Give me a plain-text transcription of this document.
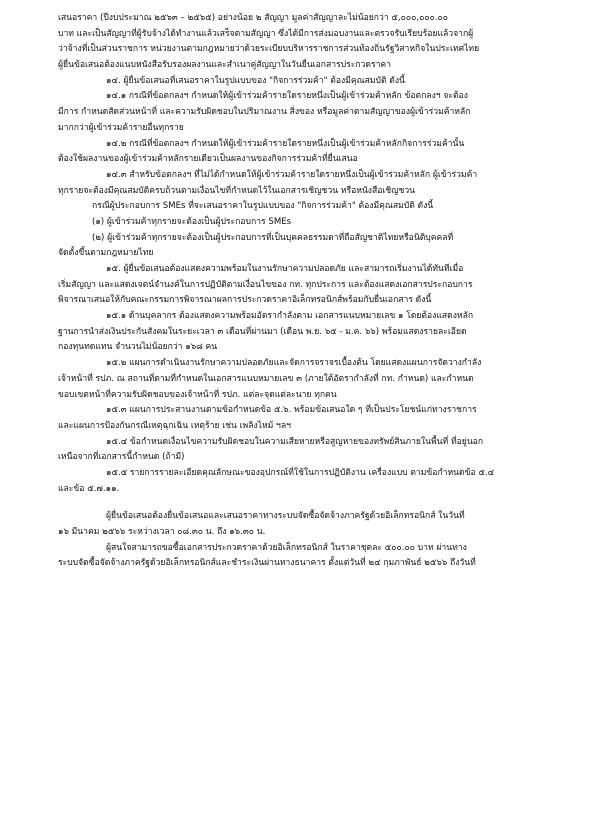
เสนอราคา (ปีงบประมาณ ๒๕๖๓ – ๒๕๖๕) อย่างน้อย ๒ สัญญา มูลค่าสัญญาละไม่น้อยกว่า ๕,๐๐๐,๐๐๐.๐๐
บาท และเป็นสัญญาที่ผู้รับจ้างได้ทำงานแล้วเสร็จตามสัญญา ซึ่งได้มีการส่งมอบงานและตรวจรับเรียบร้อยแล้วจากผู้
ว่าจ้างที่เป็นส่วนราชการ หน่วยงานตามกฎหมายว่าด้วยระเบียบบริหารราชการส่วนท้องถิ่นรัฐวิสาหกิจในประเทศไทย
ผู้ยื่นข้อเสนอต้องแนบหนังสือรับรองผลงานและสำเนาคู่สัญญาในวันยื่นเอกสารประกวดราคา
๑๔. ผู้ยื่นข้อเสนอที่เสนอราคาในรูปแบบของ "กิจการร่วมค้า" ต้องมีคุณสมบัติ ดังนี้
๑๔.๑ กรณีที่ข้อตกลงฯ กำหนดให้ผู้เข้าร่วมค้ารายใดรายหนึ่งเป็นผู้เข้าร่วมค้าหลัก ข้อตกลงฯ จะต้อง
มีการ กำหนดสัดส่วนหน้าที่ และความรับผิดชอบในปริมาณงาน สิ่งของ หรือมูลค่าตามสัญญาของผู้เข้าร่วมค้าหลัก
มากกว่าผู้เข้าร่วมค้ารายอื่นทุกราย
๑๔.๒ กรณีที่ข้อตกลงฯ กำหนดให้ผู้เข้าร่วมค้ารายใดรายหนึ่งเป็นผู้เข้าร่วมค้าหลักกิจการร่วมค้านั้น
ต้องใช้ผลงานของผู้เข้าร่วมค้าหลักรายเดียวเป็นผลงานของกิจการร่วมค้าที่ยื่นเสนอ
๑๔.๓ สำหรับข้อตกลงฯ ที่ไม่ได้กำหนดให้ผู้เข้าร่วมค้ารายใดรายหนึ่งเป็นผู้เข้าร่วมค้าหลัก ผู้เข้าร่วมค้า
ทุกรายจะต้องมีคุณสมบัติครบถ้วนตามเงื่อนไขที่กำหนดไว้ในเอกสารเชิญชวน หรือหนังสือเชิญชวน
กรณีผู้ประกอบการ SMEs ที่จะเสนอราคาในรูปแบบของ "กิจการร่วมค้า" ต้องมีคุณสมบัติ ดังนี้
(๑) ผู้เข้าร่วมค้าทุกรายจะต้องเป็นผู้ประกอบการ SMEs
(๒) ผู้เข้าร่วมค้าทุกรายจะต้องเป็นผู้ประกอบการที่เป็นบุคคลธรรมดาที่ถือสัญชาติไทยหรือนิติบุคคลที่
จัดตั้งขึ้นตามกฎหมายไทย
๑๕. ผู้ยื่นข้อเสนอต้องแสดงความพร้อมในงานรักษาความปลอดภัย และสามารถเริ่มงานได้ทันทีเมื่อ
เริ่มสัญญา และแสดงเจตน์จำนงค์ในการปฏิบัติตามเงื่อนไขของ กท. ทุกประการ และต้องแสดงเอกสารประกอบการ
พิจารณาเสนอให้กับคณะกรรมการพิจารณาผลการประกวดราคาอิเล็กทรอนิกส์พร้อมกับยื่นเอกสาร ดังนี้
๑๕.๑ ด้านบุคลากร ต้องแสดงความพร้อมอัตรากำลังตาม เอกสารแนบหมายเลข ๑ โดยต้องแสดงหลัก
ฐานการนำส่งเงินประกันสังคมในระยะเวลา ๓ เดือนที่ผ่านมา (เดือน พ.ย. ๖๕ - ม.ค. ๖๖) พร้อมแสดงรายละเอียด
กองทุนทดแทน จำนวนไม่น้อยกว่า ๑๖๘ คน
๑๕.๒ แผนการดำเนินงานรักษาความปลอดภัยและจัดการจราจรเบื้องต้น โดยแสดงแผนการจัดวางกำลัง
เจ้าหน้าที่ รปภ. ณ สถานที่ตามที่กำหนดในเอกสารแนบหมายเลข ๓ (ภายใต้อัตรากำลังที่ กท. กำหนด) และกำหนด
ขอบเขตหน้าที่ความรับผิดชอบของเจ้าหน้าที่ รปภ. แต่ละจุดแต่ละนาย ทุกคน
๑๕.๓ แผนการประสานงานตามข้อกำหนดข้อ ๕.๖. พร้อมข้อเสนอใด ๆ ที่เป็นประโยชน์แก่ทางราชการ
และแผนการป้องกันกรณีเหตุฉุกเฉิน เหตุร้าย เช่น เพลิงไหม้ ฯลฯ
๑๕.๔ ข้อกำหนดเงื่อนไขความรับผิดชอบในความเสียหายหรือสูญหายของทรัพย์สินภายในพื้นที่ ที่อยู่นอก
เหนือจากที่เอกสารนี้กำหนด (ถ้ามี)
๑๕.๕ รายการรายละเอียดคุณลักษณะของอุปกรณ์ที่ใช้ในการปฏิบัติงาน เครื่องแบบ ตามข้อกำหนดข้อ ๕.๔
และข้อ ๕.๗.๑๑.
ผู้ยื่นข้อเสนอต้องยื่นข้อเสนอและเสนอราคาทางระบบจัดซื้อจัดจ้างภาครัฐด้วยอิเล็กทรอนิกส์ ในวันที่
๑๖ มีนาคม ๒๕๖๖ ระหว่างเวลา ๐๘.๓๐ น. ถึง ๑๖.๓๐ น.
ผู้สนใจสามารถขอซื้อเอกสารประกวดราคาด้วยอิเล็กทรอนิกส์ ในราคาชุดละ ๕๐๐.๐๐ บาท ผ่านทาง
ระบบจัดซื้อจัดจ้างภาครัฐด้วยอิเล็กทรอนิกส์และชำระเงินผ่านทางธนาคาร ตั้งแต่วันที่ ๒๔ กุมภาพันธ์ ๒๕๖๖ ถึงวันที่
